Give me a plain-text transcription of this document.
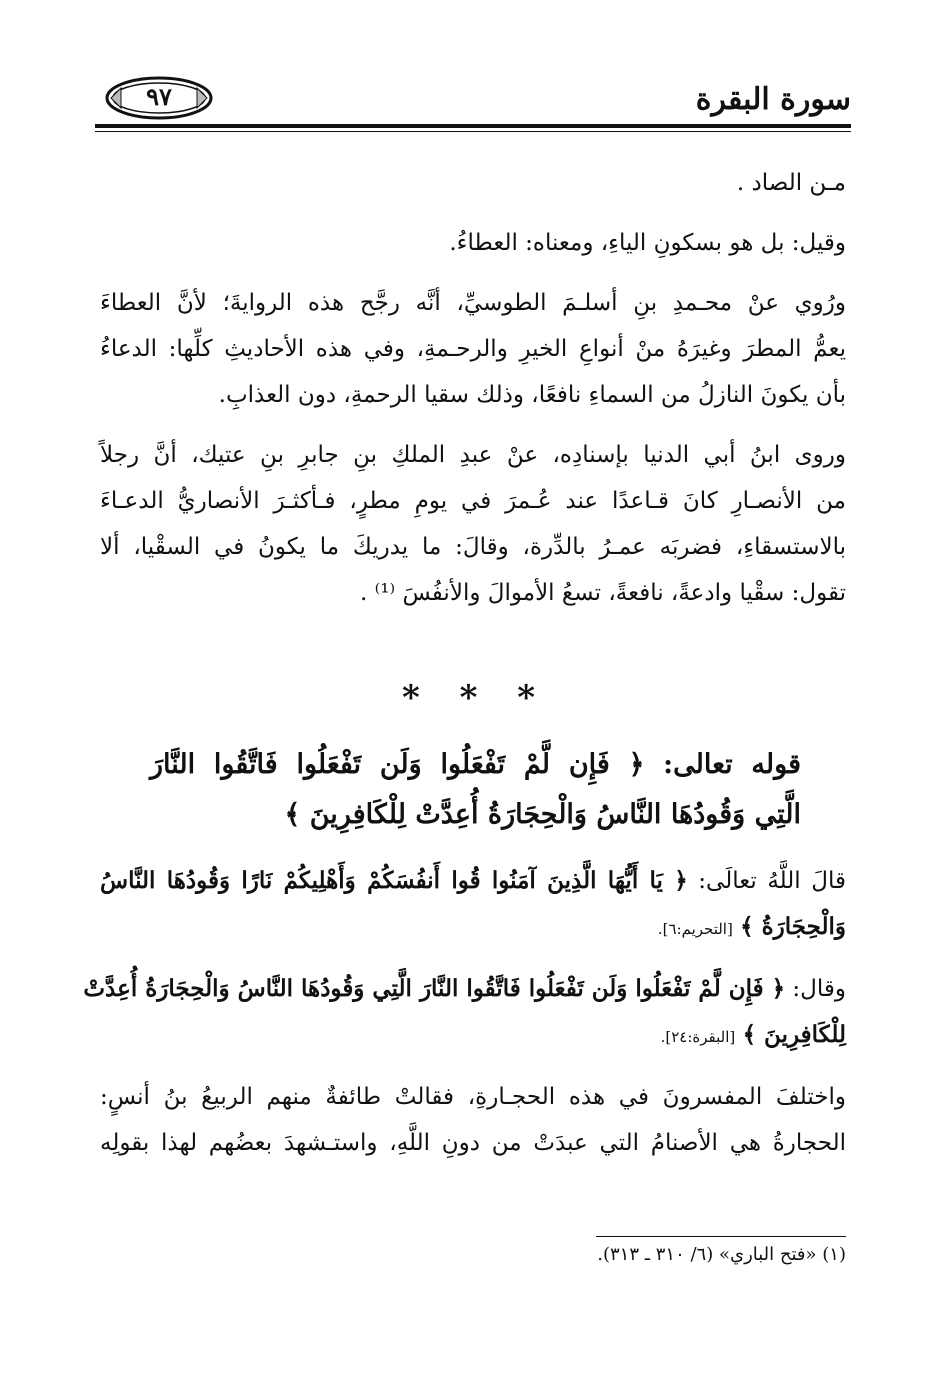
سورة البقرة
٩٧
مـن الصاد .
وقيل: بل هو بسكونِ الياءِ، ومعناه: العطاءُ.
ورُوي عنْ محـمدِ بنِ أسلـمَ الطوسيِّ، أنَّه رجَّح هذه الروايةَ؛ لأنَّ العطاءَ
يعمُّ المطرَ وغيرَهُ منْ أنواعِ الخيرِ والرحـمةِ، وفي هذه الأحاديثِ كلِّها: الدعاءُ
بأن يكونَ النازلُ من السماءِ نافعًا، وذلك سقيا الرحمةِ، دون العذابِ.
وروى ابنُ أبي الدنيا بإسنادِه، عنْ عبدِ الملكِ بنِ جابرِ بنِ عتيك، أنَّ رجلاً
من الأنصـارِ كانَ قـاعدًا عند عُـمرَ في يومِ مطرٍ، فـأكثـرَ الأنصاريُّ الدعـاءَ
بالاستسقاءِ، فضربَه عمـرُ بالدِّرة، وقالَ: ما يدريكَ ما يكونُ في السقْيا، ألا
تقول: سقْيا وادعةً، نافعةً، تسعُ الأموالَ والأنفُسَ ⁽¹⁾ .
* * *
قوله تعالى: ﴿ فَإِن لَّمْ تَفْعَلُوا وَلَن تَفْعَلُوا فَاتَّقُوا النَّارَ
الَّتِي وَقُودُهَا النَّاسُ وَالْحِجَارَةُ أُعِدَّتْ لِلْكَافِرِينَ ﴾
قالَ اللَّهُ تعالَى: ﴿ يَا أَيُّهَا الَّذِينَ آمَنُوا قُوا أَنفُسَكُمْ وَأَهْلِيكُمْ نَارًا وَقُودُهَا النَّاسُ
وَالْحِجَارَةُ ﴾ [التحريم:٦].
وقال: ﴿ فَإِن لَّمْ تَفْعَلُوا وَلَن تَفْعَلُوا فَاتَّقُوا النَّارَ الَّتِي وَقُودُهَا النَّاسُ وَالْحِجَارَةُ أُعِدَّتْ
لِلْكَافِرِينَ ﴾ [البقرة:٢٤].
واختلفَ المفسرونَ في هذه الحجـارةِ، فقالتْ طائفةٌ منهم الربيعُ بنُ أنسٍ:
الحجارةُ هي الأصنامُ التي عبدَتْ من دونِ اللَّهِ، واستـشهدَ بعضُهم لهذا بقولِه
(١) «فتح الباري» (٦/ ٣١٠ ـ ٣١٣).
